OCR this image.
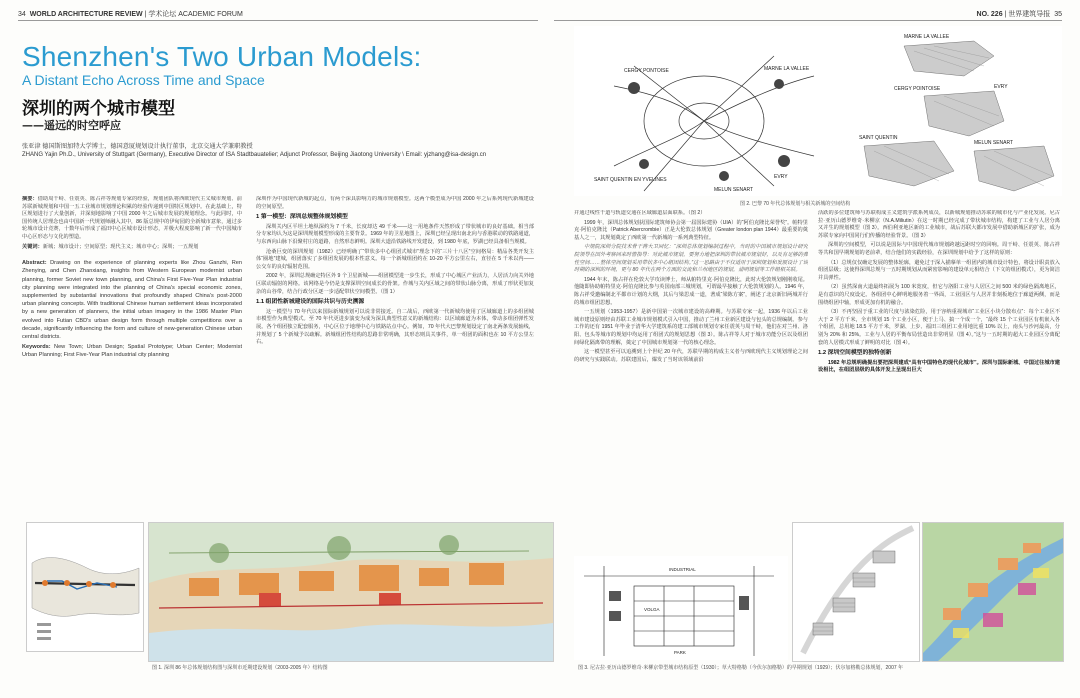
34 WORLD ARCHITECTURE REVIEW | 学术论坛 ACADEMIC FORUM	NO. 226 | 世界建筑导报 35
Shenzhen's Two Urban Models:
A Distant Echo Across Time and Space
深圳的两个城市模型
——遥远的时空呼应
张亚津 德国斯图加特大学博士，德国意厦规划设计执行董事，北京交通大学兼职教授
ZHANG Yajin Ph.D., University of Stuttgart (Germany), Executive Director of ISA Stadtbauatelier; Adjunct Professor, Beijing Jiaotong University \ Email: yjzhang@isa-design.cn

摘要：借助周干峙、任震英、陈占祥等规划专家的经验，规划团队将西欧现代主义城市规划、前苏联新城规划和中国一五工业城市规划理论积累的经验传递到中国特区规划中。在此基础上，特区规划进行了大量创新，并深刻地影响了中国 2000 年之后城市发展的规划理念。与此同时，中国传统人居理念也由中国新一代规划师融入其中，86 版总规中的伊甸园的全新城市意象，通过多轮城市设计竞赛，十数年后形成了福田中心区城市设计形态，并极大程度影响了新一代中国城市中心区形态与文化的塑造。

关键词：新城；城市设计；空间原型；现代主义；城市中心；深圳；一五规划

Abstract: Drawing on the experience of planning experts like Zhou Ganzhi, Ren Zhenying, and Chen Zhanxiang, insights from Western European modernist urban planning, former Soviet new town planning, and China's First Five-Year Plan industrial city planning were integrated into the planning of China's special economic zones, supplemented by substantial innovations that profoundly shaped China's post-2000 urban planning concepts. With traditional Chinese human settlement ideas incorporated by a new generation of planners, the initial urban imagery in the 1986 Master Plan evolved into Futian CBD's urban design form through multiple competitions over a decade, significantly influencing the form and culture of new-generation Chinese urban central districts.

Keywords: New Town; Urban Design; Spatial Prototype; Urban Center; Modernist Urban Planning; First Five-Year Plan industrial city planning

深圳作为中国现代新城的起点，有两个深具影响力的城市规划模型。这两个模型成为中国 2000 年之后系列现代新城建设的空间原型。

1 第一模型：深圳总规整体规划模型

深圳关内区平坦土地纵深约为 7 千米，长度却达 49 千米——这一用地条件天然形成了带状城市的良好基础。相当部分专家均认为这是深圳规划模型形成的主要背景。1969 年的卫星地图上，深圳已经呈现出南北向与香港联动的铁路通道，与东西向山脉下沿聚村庄的道路，自然形态鲜明。深圳大道沿铁路线开发建设，到 1980 年底，罗湖已经具备相当规模。

沧桑巨变的深圳规划（1982）已经明确了“带状多中心组团式城市”理念下的“三片十八区”空间格局：精品各类开发主体“圈地”建城，组团落实了多组团发展的根本性意义。每一个新城组团约在 10-20 平方公里左右，直径在 5 千米以内——公交车的良好辐射范围。

2002 年，深圳总规确定特区外 9 个卫星新城——组团模型进一步生长，形成了中心城区产业活力，人居活力向关外地区联动辐射的网络。该网络是今仍是支撑深圳空间成长的骨架。作城与关内区域之间的带状山脉分离，形成了形状更加复杂的山谷带，结合行政分区逐一步适配带状空间模型。（图 1）

1.1 组团性新城建设的国际共识与历史溯源

这一模型与 70 年代以来国际新城规划可以说非常接近。自二战后，西欧第一代新城均使用了区域廊道上的多组团城市模型作为典型模式。至 70 年代更进步演变为成为深具典型性意义的新城结构：以区域廊道为本体，带动多组团弹性发展。各个组团独立配套服务，中心区位于地理中心与铁路站点中心。例如，70 年代大巴黎规划设定了南北两条发展轴线，并规划了 5 个新城予以疏解。新城组团性结构的思路非常明确，其形态则具关事件，单一组团的面积也在 10 平方公里左右。

并通过线性干道与轨道交通在区域廊道层面联系。（图 2）

1999 年，深圳总体规划获国际建筑师协会第一届国际建协（UIA）的“阿伯克隆比荣誉奖”。帕特里克·阿伯克隆比（Patrick Abercrombie）正是大伦敦总体规划（Greater london plan 1944）最重要的奠基人之一，其规划奠定了西欧第一代新城的一系列典型特征。

中规院深圳分院技术骨干蒋大卫回忆：“深圳总体规划编制过程中，当时的中国城市规划设计研究院领导在国外考察回来时曾指导：对此城市规划，要努力地把深圳的带状城市规划好，以及有足够的弹性空间……整体空间规划采用带状多中心组团结构。”这一思路由于不仅适用于深圳规划和发展设计了该时期的深圳的环境，更与 80 年代在两个方面的交流和兰州地区的规划，浦明规划等工作组相关联。

1944 年末，陈占祥在伦敦大学攻读博士，师从帕特里克·阿伯克隆比，此时大伦敦规划刚刚收尾。他随即协助帕特里克·阿伯克隆比参与英国南部三城规划，可谓最早接触了大伦敦规划的人。1946 年，陈占祥受邀编制北平都市计划的大纲，其后与梁思成一道，著成“梁陈方案”，阐述了北京新旧两城并行的城市组团思想。

一五规划（1953-1957）是新中国第一次城市建设的高峰期。与苏联专家一起，1936 年以后工业城市建设原则经由苏联工业城市规划模式引入中国，推动了兰州工业新区建设与包头的总规编制。参与工作的还有 1951 年毕业于清华大学建筑系的建工部城市规划专家任震英与周干峙，他们在对兰州、洛阳、包头等城市的规划中均运用了组团式的规划思想（图 3）。陈占祥等人对于城市功能分区以及组团间绿化隔离带的理解，奠定了中国城市规划第一代的核心理念。

这一模型甚至可以追溯到上个世纪 20 年代，苏联早期的构成主义者与西欧现代主义规划理论之间的研究与实践联动。苏联建国后，爆发了当时该领域前沿

活跃的多位建筑师与苏联构成主义建筑学派系列成员，以新城规划推动苏联的城市化与产业化发展。尼古拉·亚历山德罗维奇·米柳京（N.A.Miliutin）在这一时期已经完成了带状城市结构，构建了工业与人居分离又并生的规划模型（图 3）。西伯利亚地区新的工业城市，战后苏联大都市发展中借助新城区的扩张，成为苏联专家向中国同行们传播的经验背景。（图 3）

深圳的空间模型，可以说是国际与中国现代城市规划跨越远距时空的回响。周干峙、任震英、陈占祥等共和国早期规划的老前辈，结合他们的实践经验，在深圳规划中给予了这样的原则：

（1）总规仅仅确定发展的整体轮廓，避免过于深入描摹单一组团内的城市设计特色，将设计职责放入组团层级；这使得深圳总规与一五时期规划从而紧密影响的建设单元相结合（下文的组团模式），更为简洁并具弹性。

（2）虽然深南大道最终拓展为 100 米宽度，但它与洛阳工业与人居区之间 500 米的绿色隔离地区，是有意识的尺度设定。各组团中心鲜明地服务着一界面，工业园区与人居并非刻板地位于廊道两侧，而是围绕组团中轴，形成更加有机的融合。

（3）不再坚固于重工业的尺度与浓染危险，用于容纳重视城市“工业区小块分散布点”：每个工业区不大于 2 平方千米，全市规划 15 个工业小区，便于上马、搞一个成一个，“最终 15 个工业园区有机嵌入各个组团，总用地 18.5 平方千米，罗湖、上步、福田三组团工业用地比重 10% 以上，南头与沙河最高，分别为 20% 和 25%。工业与人居的平衡布局营造出非常明显（图 4）。”这与一五时期的超大工业园区分离配套的人居模式形成了鲜明的对比（图 4）。

1.2 深圳空间模型的独特创新

1982 年总规明确提出要把深圳建成“具有中国特色的现代化城市”。深圳与国际新城、中国过往城市建设相比，在组团层级的具体开发上呈现出巨大

CERGY PONTOISE	MARNE LA VALLEE
EVRY
SAINT QUENTIN EN YVELINES
MELUN SENART
MARNE LA VALLEE
CERGY POINTOISE	EVRY
SAINT QUENTIN
MELUN SENART
图 2. 巴黎 70 年代总体规划与相关新城的空间结构
图 1. 深圳 86 年总体规划结构图与深圳市近期建设规划（2003-2005 年）结构图
INDUSTRIAL
PARK
VOLGA
图 3. 尼古拉·亚历山德罗维奇·米柳京带型城市结构原型（1930）；草大特格勒（今伏尔加格勒）的早期规划（1929）；伏尔加格勒总体规划，2007 年
